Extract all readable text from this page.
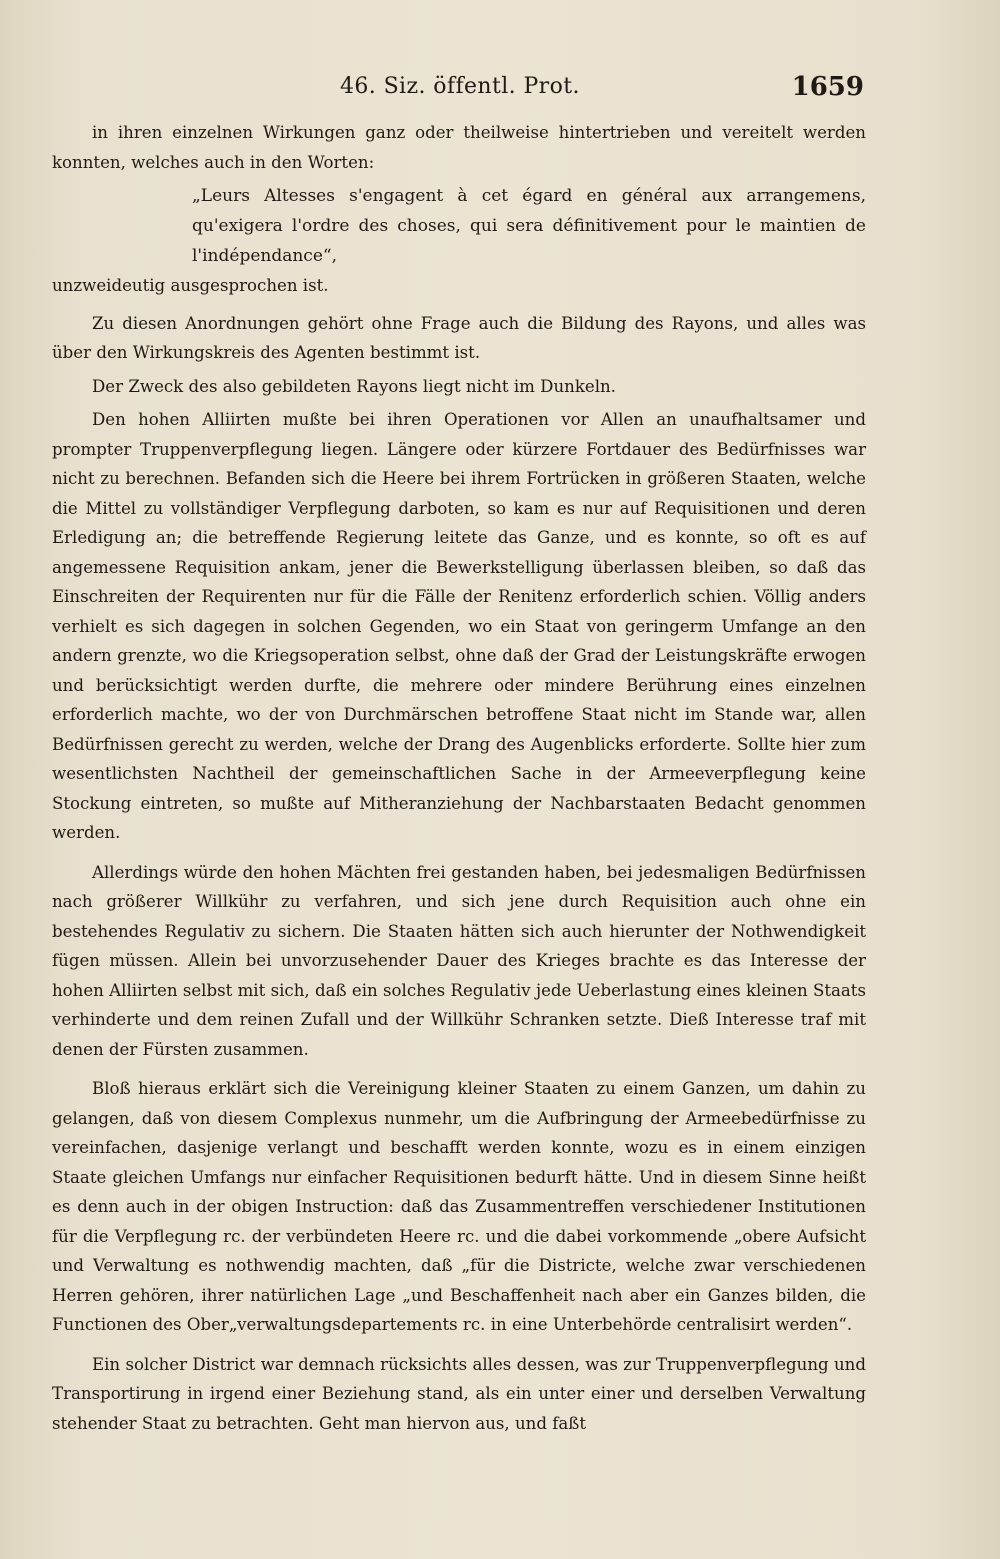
46. Siz. öffentl. Prot.	1659

in ihren einzelnen Wirkungen ganz oder theilweise hintertrieben und vereitelt werden konnten, welches auch in den Worten:

„Leurs Altesses s'engagent à cet égard en général aux arrangemens, qu'exigera l'ordre des choses, qui sera définitivement pour le maintien de l'indépendance“,

unzweideutig ausgesprochen ist.

Zu diesen Anordnungen gehört ohne Frage auch die Bildung des Rayons, und alles was über den Wirkungskreis des Agenten bestimmt ist.

Der Zweck des also gebildeten Rayons liegt nicht im Dunkeln.

Den hohen Alliirten mußte bei ihren Operationen vor Allen an unaufhaltsamer und prompter Truppenverpflegung liegen. Längere oder kürzere Fortdauer des Bedürfnisses war nicht zu berechnen. Befanden sich die Heere bei ihrem Fortrücken in größeren Staaten, welche die Mittel zu vollständiger Verpflegung darboten, so kam es nur auf Requisitionen und deren Erledigung an; die betreffende Regierung leitete das Ganze, und es konnte, so oft es auf angemessene Requisition ankam, jener die Bewerkstelligung überlassen bleiben, so daß das Einschreiten der Requirenten nur für die Fälle der Renitenz erforderlich schien. Völlig anders verhielt es sich dagegen in solchen Gegenden, wo ein Staat von geringerm Umfange an den andern grenzte, wo die Kriegsoperation selbst, ohne daß der Grad der Leistungskräfte erwogen und berücksichtigt werden durfte, die mehrere oder mindere Berührung eines einzelnen erforderlich machte, wo der von Durchmärschen betroffene Staat nicht im Stande war, allen Bedürfnissen gerecht zu werden, welche der Drang des Augenblicks erforderte. Sollte hier zum wesentlichsten Nachtheil der gemeinschaftlichen Sache in der Armeeverpflegung keine Stockung eintreten, so mußte auf Mitheranziehung der Nachbarstaaten Bedacht genommen werden.

Allerdings würde den hohen Mächten frei gestanden haben, bei jedesmaligen Bedürfnissen nach größerer Willkühr zu verfahren, und sich jene durch Requisition auch ohne ein bestehendes Regulativ zu sichern. Die Staaten hätten sich auch hierunter der Nothwendigkeit fügen müssen. Allein bei unvorzusehender Dauer des Krieges brachte es das Interesse der hohen Alliirten selbst mit sich, daß ein solches Regulativ jede Ueberlastung eines kleinen Staats verhinderte und dem reinen Zufall und der Willkühr Schranken setzte. Dieß Interesse traf mit denen der Fürsten zusammen.

Bloß hieraus erklärt sich die Vereinigung kleiner Staaten zu einem Ganzen, um dahin zu gelangen, daß von diesem Complexus nunmehr, um die Aufbringung der Armeebedürfnisse zu vereinfachen, dasjenige verlangt und beschafft werden konnte, wozu es in einem einzigen Staate gleichen Umfangs nur einfacher Requisitionen bedurft hätte. Und in diesem Sinne heißt es denn auch in der obigen Instruction: daß das Zusammentreffen verschiedener Institutionen für die Verpflegung rc. der verbündeten Heere rc. und die dabei vorkommende „obere Aufsicht und Verwaltung es nothwendig machten, daß „für die Districte, welche zwar verschiedenen Herren gehören, ihrer natürlichen Lage „und Beschaffenheit nach aber ein Ganzes bilden, die Functionen des Ober„verwaltungsdepartements rc. in eine Unterbehörde centralisirt werden“.

Ein solcher District war demnach rücksichts alles dessen, was zur Truppenverpflegung und Transportirung in irgend einer Beziehung stand, als ein unter einer und derselben Verwaltung stehender Staat zu betrachten. Geht man hiervon aus, und faßt
